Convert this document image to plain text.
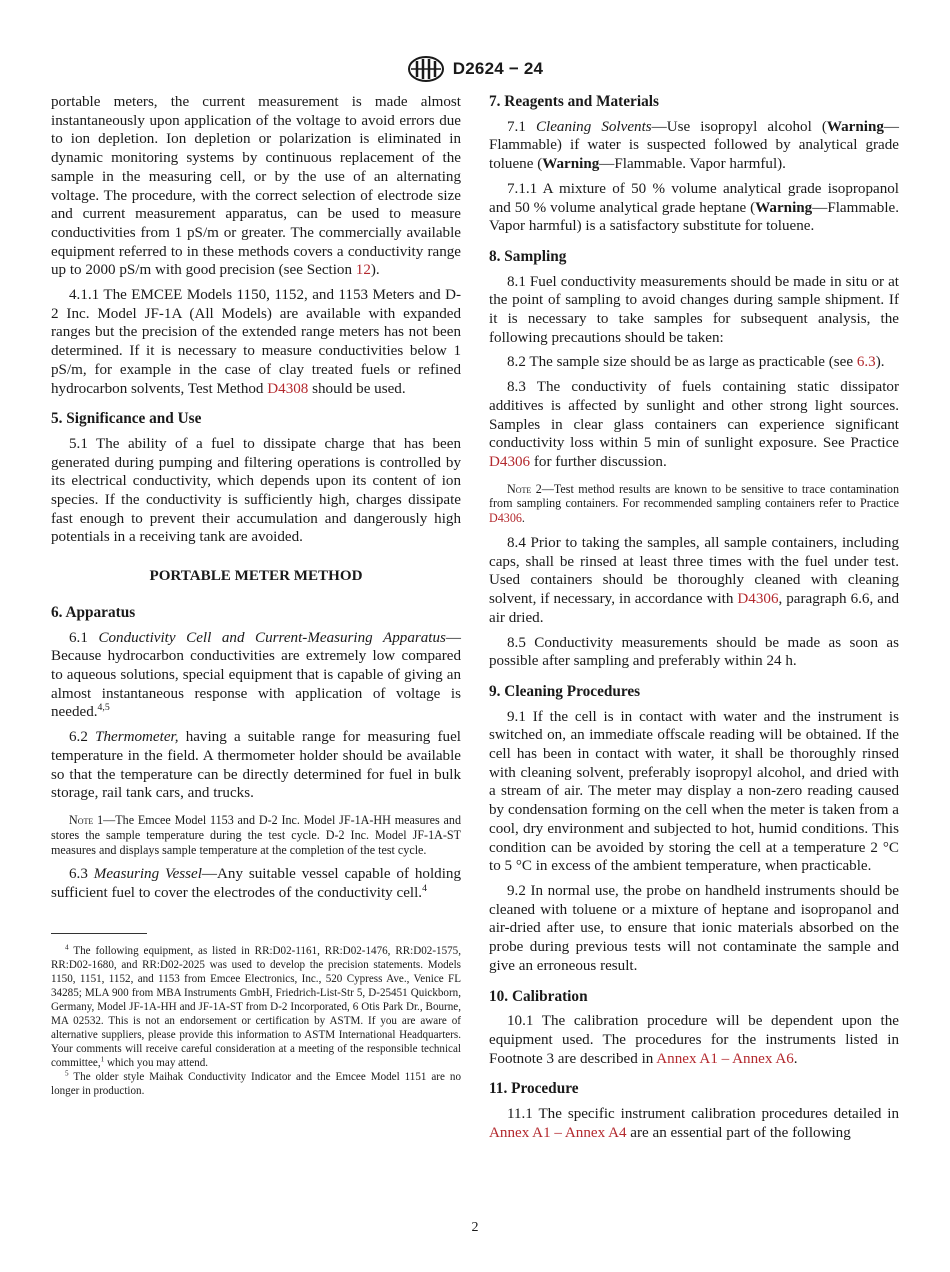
D2624 − 24

portable meters, the current measurement is made almost instantaneously upon application of the voltage to avoid errors due to ion depletion. Ion depletion or polarization is eliminated in dynamic monitoring systems by continuous replacement of the sample in the measuring cell, or by the use of an alternating voltage. The procedure, with the correct selection of electrode size and current measurement apparatus, can be used to measure conductivities from 1 pS/m or greater. The commercially available equipment referred to in these methods covers a conductivity range up to 2000 pS/m with good precision (see Section 12).

4.1.1 The EMCEE Models 1150, 1152, and 1153 Meters and D-2 Inc. Model JF-1A (All Models) are available with expanded ranges but the precision of the extended range meters has not been determined. If it is necessary to measure conductivities below 1 pS/m, for example in the case of clay treated fuels or refined hydrocarbon solvents, Test Method D4308 should be used.

5. Significance and Use

5.1 The ability of a fuel to dissipate charge that has been generated during pumping and filtering operations is controlled by its electrical conductivity, which depends upon its content of ion species. If the conductivity is sufficiently high, charges dissipate fast enough to prevent their accumulation and dangerously high potentials in a receiving tank are avoided.

PORTABLE METER METHOD
6. Apparatus

6.1 Conductivity Cell and Current-Measuring Apparatus—Because hydrocarbon conductivities are extremely low compared to aqueous solutions, special equipment that is capable of giving an almost instantaneous response with application of voltage is needed.$^{4,5}$

6.2 Thermometer, having a suitable range for measuring fuel temperature in the field. A thermometer holder should be available so that the temperature can be directly determined for fuel in bulk storage, rail tank cars, and trucks.

Note 1—The Emcee Model 1153 and D-2 Inc. Model JF-1A-HH measures and stores the sample temperature during the test cycle. D-2 Inc. Model JF-1A-ST measures and displays sample temperature at the completion of the test cycle.

6.3 Measuring Vessel—Any suitable vessel capable of holding sufficient fuel to cover the electrodes of the conductivity cell.$^4$

$^4$ The following equipment, as listed in RR:D02-1161, RR:D02-1476, RR:D02-1575, RR:D02-1680, and RR:D02-2025 was used to develop the precision statements. Models 1150, 1151, 1152, and 1153 from Emcee Electronics, Inc., 520 Cypress Ave., Venice FL 34285; MLA 900 from MBA Instruments GmbH, Friedrich-List-Str 5, D-25451 Quickborn, Germany, Model JF-1A-HH and JF-1A-ST from D-2 Incorporated, 6 Otis Park Dr., Bourne, MA 02532. This is not an endorsement or certification by ASTM. If you are aware of alternative suppliers, please provide this information to ASTM International Headquarters. Your comments will receive careful consideration at a meeting of the responsible technical committee,$^1$ which you may attend.

$^5$ The older style Maihak Conductivity Indicator and the Emcee Model 1151 are no longer in production.

7. Reagents and Materials

7.1 Cleaning Solvents—Use isopropyl alcohol (Warning—Flammable) if water is suspected followed by analytical grade toluene (Warning—Flammable. Vapor harmful).

7.1.1 A mixture of 50 % volume analytical grade isopropanol and 50 % volume analytical grade heptane (Warning—Flammable. Vapor harmful) is a satisfactory substitute for toluene.

8. Sampling

8.1 Fuel conductivity measurements should be made in situ or at the point of sampling to avoid changes during sample shipment. If it is necessary to take samples for subsequent analysis, the following precautions should be taken:

8.2 The sample size should be as large as practicable (see 6.3).

8.3 The conductivity of fuels containing static dissipator additives is affected by sunlight and other strong light sources. Samples in clear glass containers can experience significant conductivity loss within 5 min of sunlight exposure. See Practice D4306 for further discussion.

Note 2—Test method results are known to be sensitive to trace contamination from sampling containers. For recommended sampling containers refer to Practice D4306.

8.4 Prior to taking the samples, all sample containers, including caps, shall be rinsed at least three times with the fuel under test. Used containers should be thoroughly cleaned with cleaning solvent, if necessary, in accordance with D4306, paragraph 6.6, and air dried.

8.5 Conductivity measurements should be made as soon as possible after sampling and preferably within 24 h.

9. Cleaning Procedures

9.1 If the cell is in contact with water and the instrument is switched on, an immediate offscale reading will be obtained. If the cell has been in contact with water, it shall be thoroughly rinsed with cleaning solvent, preferably isopropyl alcohol, and dried with a stream of air. The meter may display a non-zero reading caused by condensation forming on the cell when the meter is taken from a cool, dry environment and subjected to hot, humid conditions. This condition can be avoided by storing the cell at a temperature 2 °C to 5 °C in excess of the ambient temperature, when practicable.

9.2 In normal use, the probe on handheld instruments should be cleaned with toluene or a mixture of heptane and isopropanol and air-dried after use, to ensure that ionic materials absorbed on the probe during previous tests will not contaminate the sample and give an erroneous result.

10. Calibration

10.1 The calibration procedure will be dependent upon the equipment used. The procedures for the instruments listed in Footnote 3 are described in Annex A1 – Annex A6.

11. Procedure

11.1 The specific instrument calibration procedures detailed in Annex A1 – Annex A4 are an essential part of the following

2
